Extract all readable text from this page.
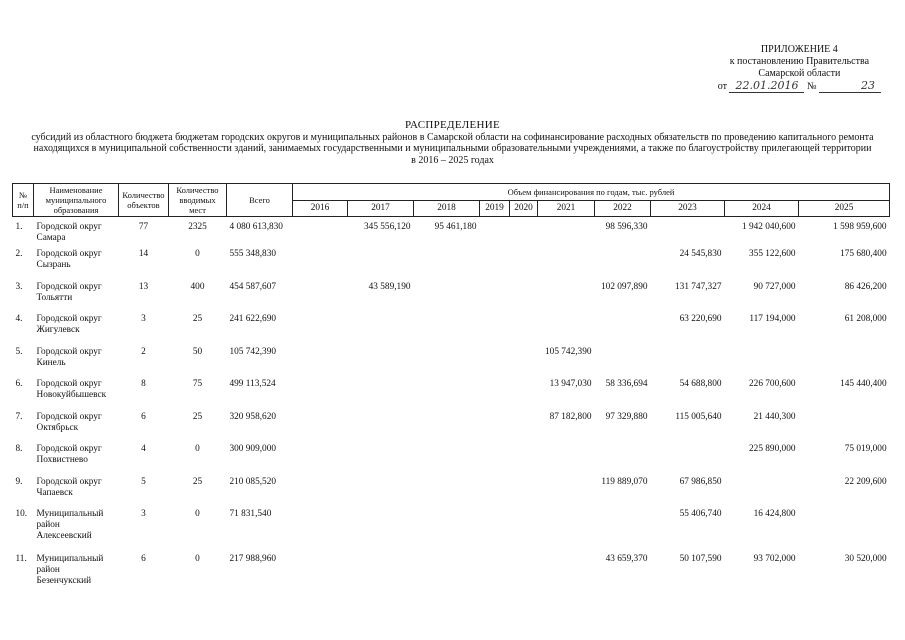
ПРИЛОЖЕНИЕ 4
к постановлению Правительства
Самарской области
от 22.01.2016 №	23
РАСПРЕДЕЛЕНИЕ
субсидий из областного бюджета бюджетам городских округов и муниципальных районов в Самарской области на софинансирование расходных обязательств по проведению капитального ремонта находящихся в муниципальной собственности зданий, занимаемых государственными и муниципальными образовательными учреждениями, а также по благоустройству прилегающей территории в 2016 – 2025 годах
№ п/п	Наименование муниципального образования	Количество объектов	Количество вводимых мест	Всего	Объем финансирования по годам, тыс. рублей									
					2016	2017	2018	2019	2020	2021	2022	2023	2024	2025
1.	Городской округ Самара	77	2325	4 080 613,830		345 556,120	95 461,180				98 596,330		1 942 040,600	1 598 959,600
2.	Городской округ Сызрань	14	0	555 348,830								24 545,830	355 122,600	175 680,400
3.	Городской округ Тольятти	13	400	454 587,607		43 589,190					102 097,890	131 747,327	90 727,000	86 426,200
4.	Городской округ Жигулевск	3	25	241 622,690								63 220,690	117 194,000	61 208,000
5.	Городской округ Кинель	2	50	105 742,390						105 742,390				
6.	Городской округ Новокуйбышевск	8	75	499 113,524						13 947,030	58 336,694	54 688,800	226 700,600	145 440,400
7.	Городской округ Октябрьск	6	25	320 958,620						87 182,800	97 329,880	115 005,640	21 440,300	
8.	Городской округ Похвистнево	4	0	300 909,000									225 890,000	75 019,000
9.	Городской округ Чапаевск	5	25	210 085,520							119 889,070	67 986,850		22 209,600
10.	Муниципальный район Алексеевский	3	0	71 831,540								55 406,740	16 424,800	
11.	Муниципальный район Безенчукский	6	0	217 988,960							43 659,370	50 107,590	93 702,000	30 520,000
